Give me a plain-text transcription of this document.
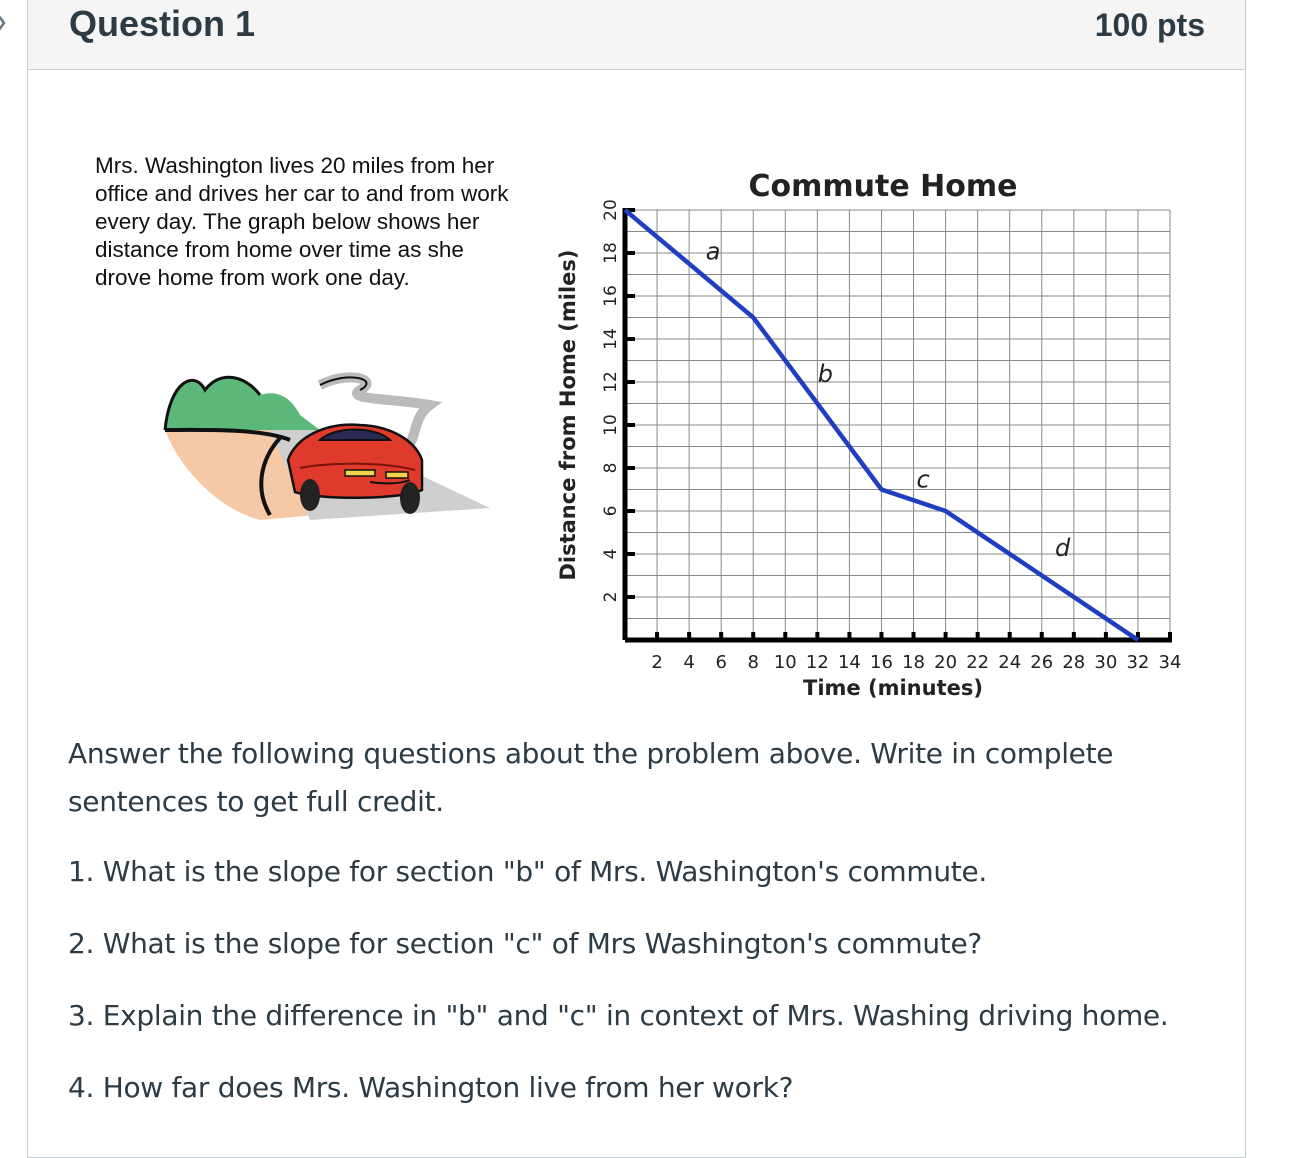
Question 1	100 pts
Mrs. Washington lives 20 miles from her office and drives her car to and from work every day. The graph below shows her distance from home over time as she drove home from work one day.
2 4 6 8 10 12 14 16 18 20 22 24 26 28 30 32 34
2
4
6
8
10
12
14
16
18
20
a
b
c
d
Commute Home
Time (minutes)
Distance from Home (miles)
Answer the following questions about the problem above. Write in complete sentences to get full credit.
1. What is the slope for section "b" of Mrs. Washington's commute.
2. What is the slope for section "c" of Mrs Washington's commute?
3. Explain the difference in "b" and "c" in context of Mrs. Washing driving home.
4. How far does Mrs. Washington live from her work?
